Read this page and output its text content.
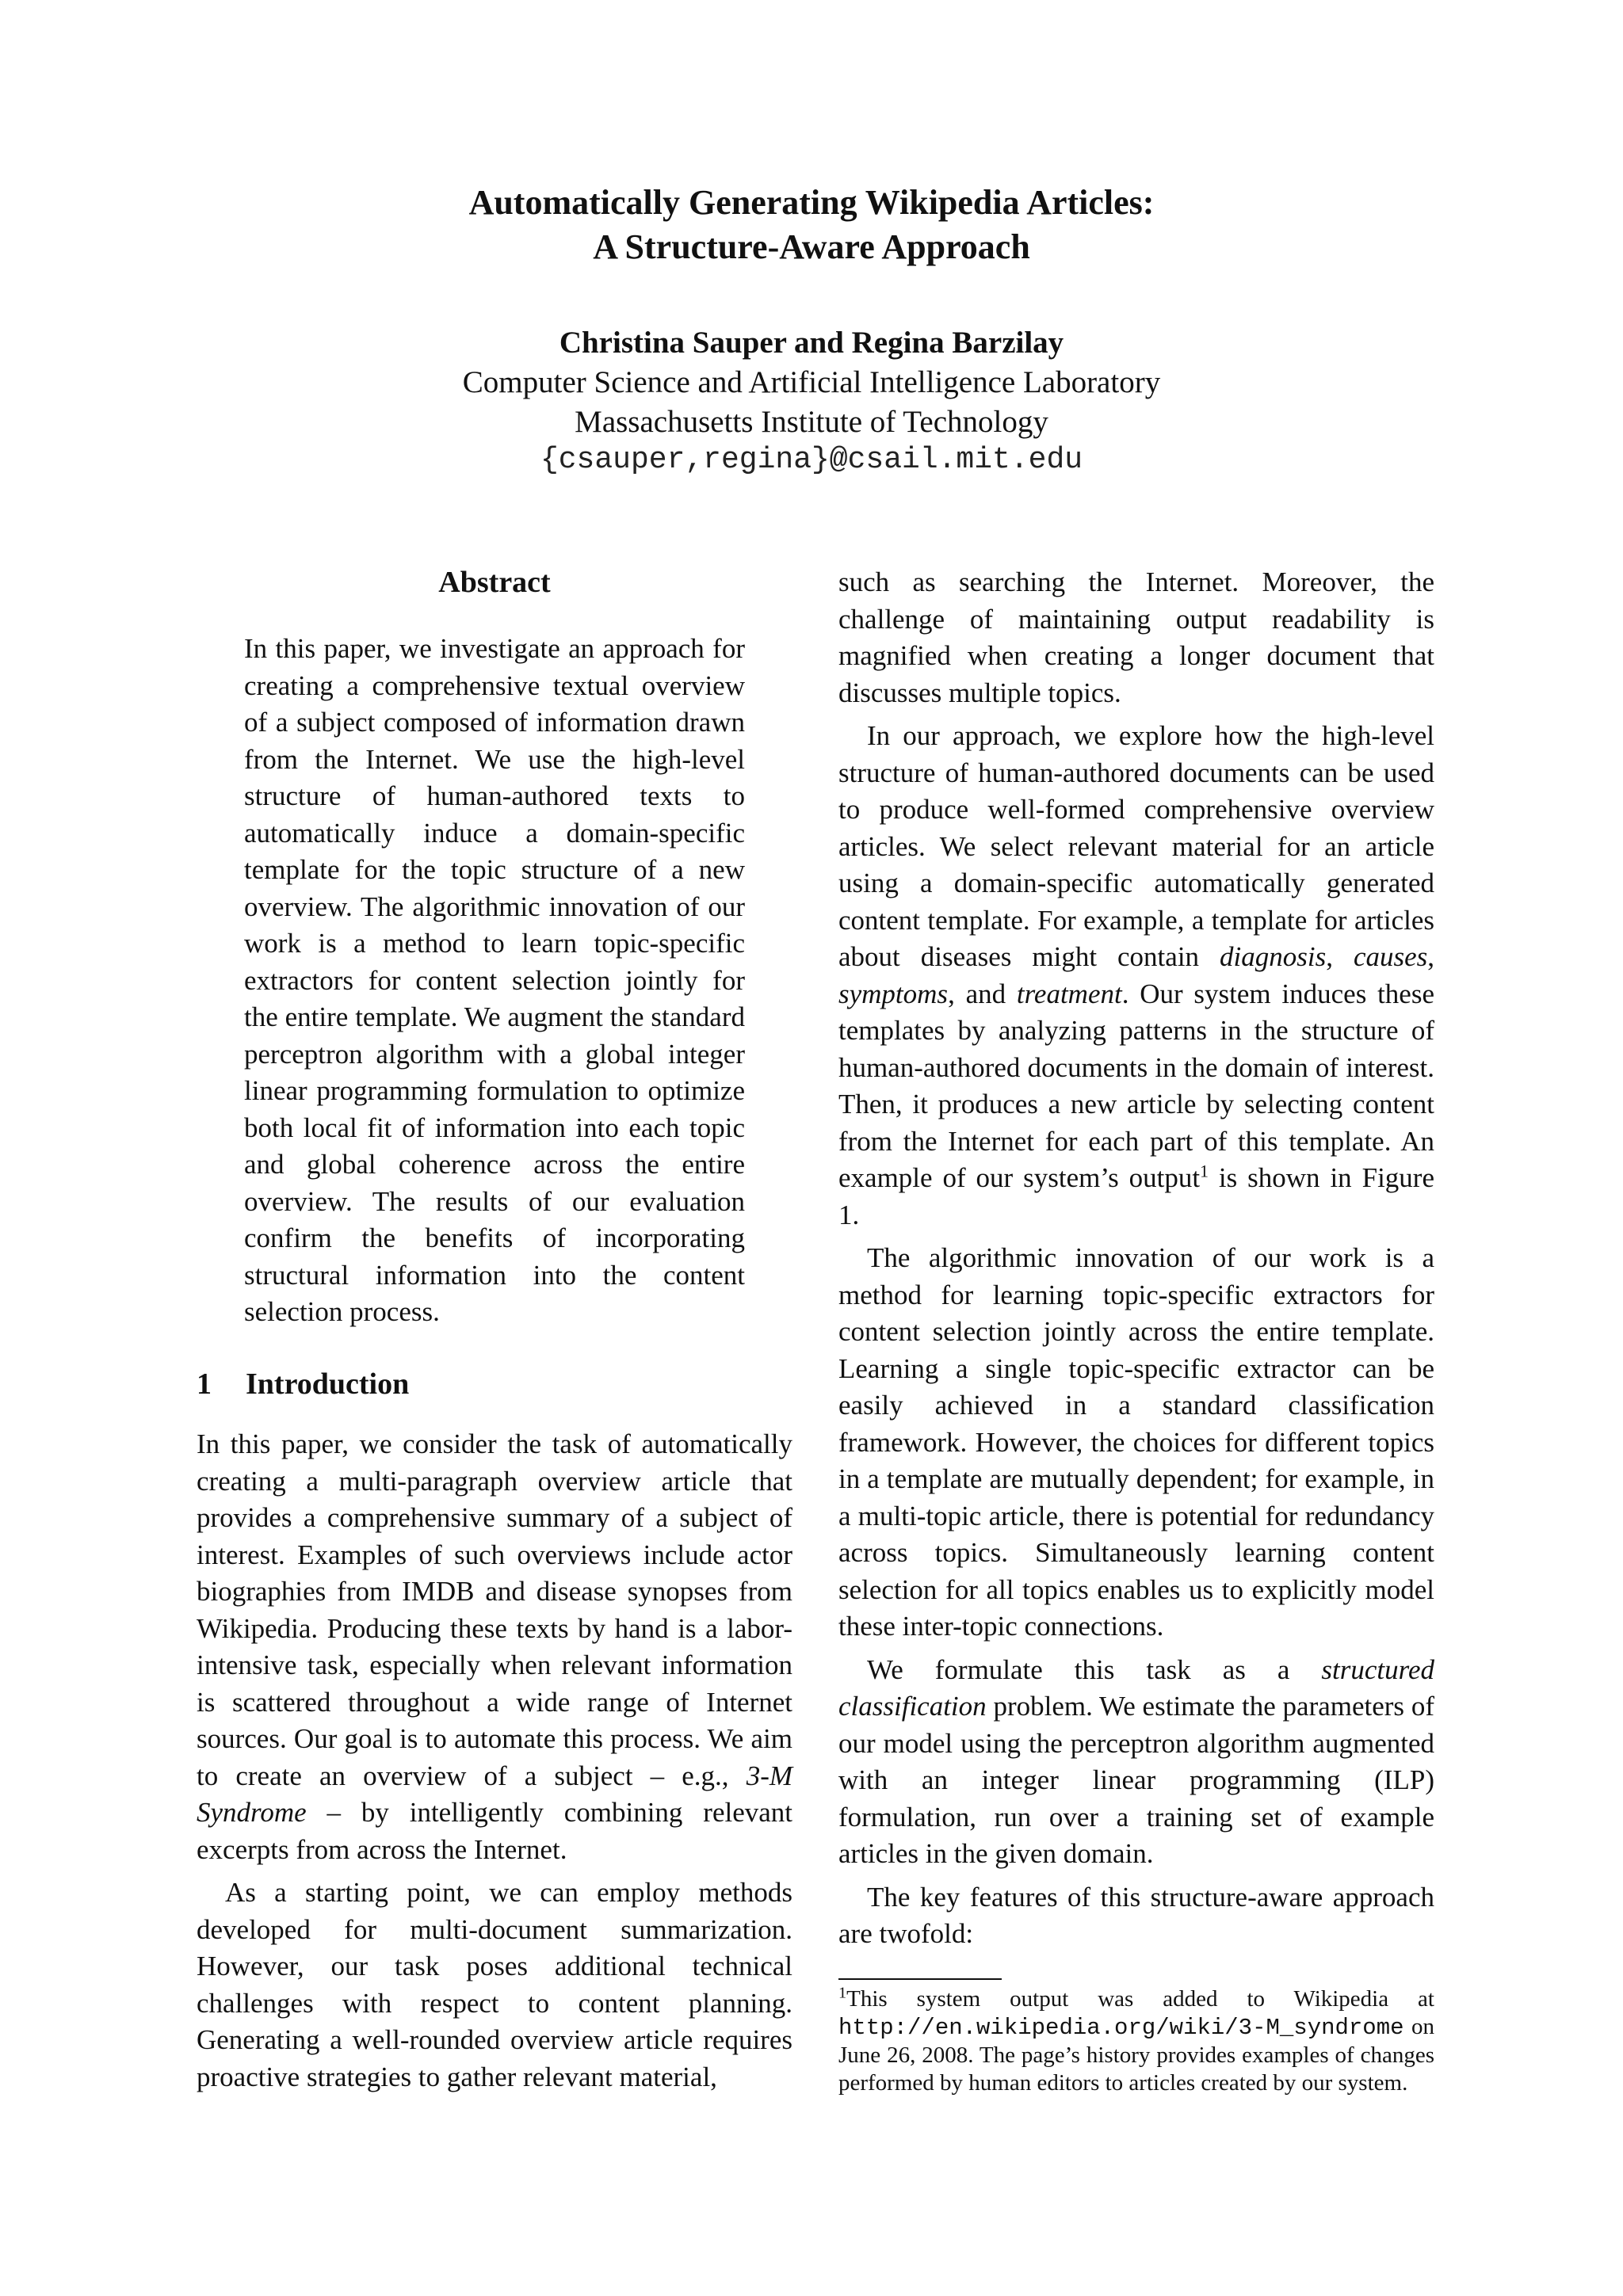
Automatically Generating Wikipedia Articles:
A Structure-Aware Approach
Christina Sauper and Regina Barzilay
Computer Science and Artificial Intelligence Laboratory
Massachusetts Institute of Technology
{csauper,regina}@csail.mit.edu
Abstract
In this paper, we investigate an approach for creating a comprehensive textual overview of a subject composed of information drawn from the Internet. We use the high-level structure of human-authored texts to automatically induce a domain-specific template for the topic structure of a new overview. The algorithmic innovation of our work is a method to learn topic-specific extractors for content selection jointly for the entire template. We augment the standard perceptron algorithm with a global integer linear programming formulation to optimize both local fit of information into each topic and global coherence across the entire overview. The results of our evaluation confirm the benefits of incorporating structural information into the content selection process.
1 Introduction

In this paper, we consider the task of automatically creating a multi-paragraph overview article that provides a comprehensive summary of a subject of interest. Examples of such overviews include actor biographies from IMDB and disease synopses from Wikipedia. Producing these texts by hand is a labor-intensive task, especially when relevant information is scattered throughout a wide range of Internet sources. Our goal is to automate this process. We aim to create an overview of a subject – e.g., 3-M Syndrome – by intelligently combining relevant excerpts from across the Internet.

As a starting point, we can employ methods developed for multi-document summarization. However, our task poses additional technical challenges with respect to content planning. Generating a well-rounded overview article requires proactive strategies to gather relevant material,

such as searching the Internet. Moreover, the challenge of maintaining output readability is magnified when creating a longer document that discusses multiple topics.

In our approach, we explore how the high-level structure of human-authored documents can be used to produce well-formed comprehensive overview articles. We select relevant material for an article using a domain-specific automatically generated content template. For example, a template for articles about diseases might contain diagnosis, causes, symptoms, and treatment. Our system induces these templates by analyzing patterns in the structure of human-authored documents in the domain of interest. Then, it produces a new article by selecting content from the Internet for each part of this template. An example of our system’s output$^1$ is shown in Figure 1.

The algorithmic innovation of our work is a method for learning topic-specific extractors for content selection jointly across the entire template. Learning a single topic-specific extractor can be easily achieved in a standard classification framework. However, the choices for different topics in a template are mutually dependent; for example, in a multi-topic article, there is potential for redundancy across topics. Simultaneously learning content selection for all topics enables us to explicitly model these inter-topic connections.

We formulate this task as a structured classification problem. We estimate the parameters of our model using the perceptron algorithm augmented with an integer linear programming (ILP) formulation, run over a training set of example articles in the given domain.

The key features of this structure-aware approach are twofold:

$^1$This system output was added to Wikipedia at http://en.wikipedia.org/wiki/3-M_syndrome on June 26, 2008. The page’s history provides examples of changes performed by human editors to articles created by our system.
